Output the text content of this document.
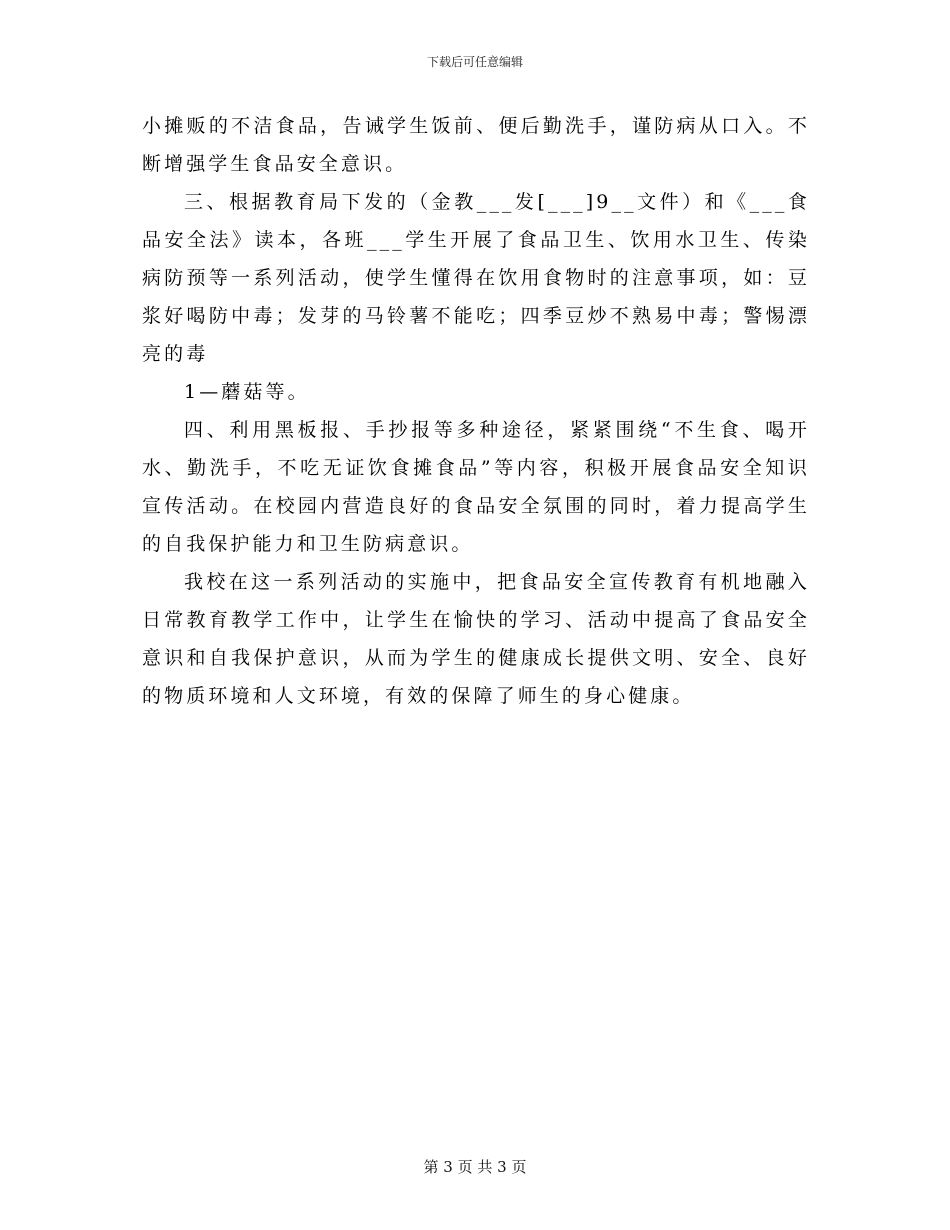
下载后可任意编辑

小摊贩的不洁食品，告诫学生饭前、便后勤洗手，谨防病从口入。不断增强学生食品安全意识。

三、根据教育局下发的（金教___发[___]9__文件）和《___食品安全法》读本，各班___学生开展了食品卫生、饮用水卫生、传染病防预等一系列活动，使学生懂得在饮用食物时的注意事项，如：豆浆好喝防中毒；发芽的马铃薯不能吃；四季豆炒不熟易中毒；警惕漂亮的毒

1—蘑菇等。

四、利用黑板报、手抄报等多种途径，紧紧围绕“不生食、喝开水、勤洗手，不吃无证饮食摊食品”等内容，积极开展食品安全知识宣传活动。在校园内营造良好的食品安全氛围的同时，着力提高学生的自我保护能力和卫生防病意识。

我校在这一系列活动的实施中，把食品安全宣传教育有机地融入日常教育教学工作中，让学生在愉快的学习、活动中提高了食品安全意识和自我保护意识，从而为学生的健康成长提供文明、安全、良好的物质环境和人文环境，有效的保障了师生的身心健康。

第 3 页 共 3 页
